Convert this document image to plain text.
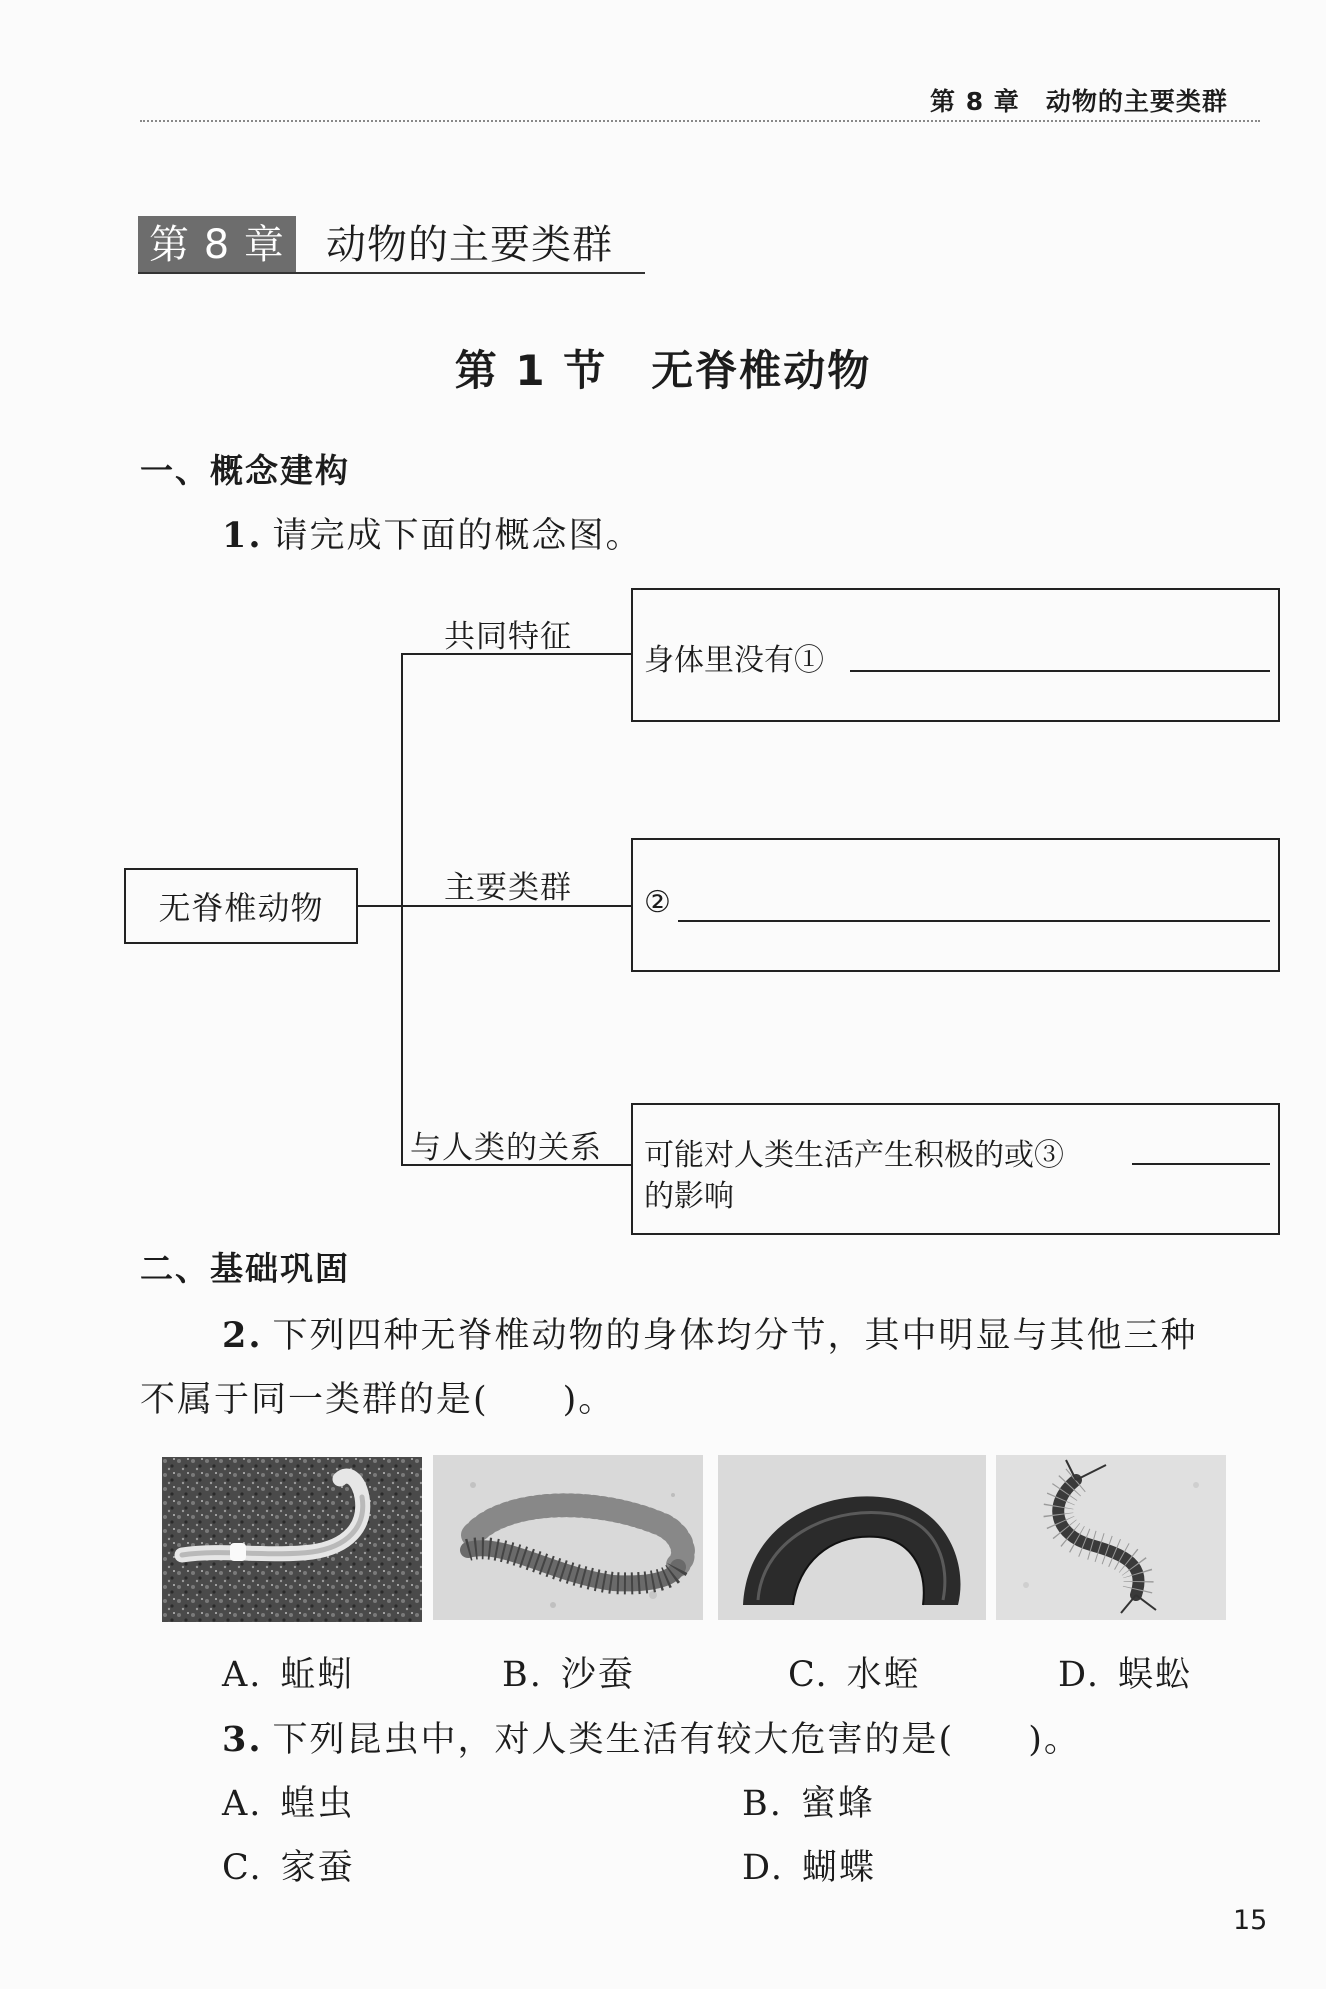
第 8 章 动物的主要类群
第 8 章 动物的主要类群
第 1 节　无脊椎动物
一、概念建构
1. 请完成下面的概念图。
无脊椎动物
共同特征
主要类群
与人类的关系
身体里没有①
②
可能对人类生活产生积极的或③
的影响
二、基础巩固
2. 下列四种无脊椎动物的身体均分节，其中明显与其他三种
不属于同一类群的是(　　)。
A. 蚯蚓	B. 沙蚕	C. 水蛭	D. 蜈蚣
3. 下列昆虫中，对人类生活有较大危害的是(　　)。
A. 蝗虫	B. 蜜蜂
C. 家蚕	D. 蝴蝶
15
